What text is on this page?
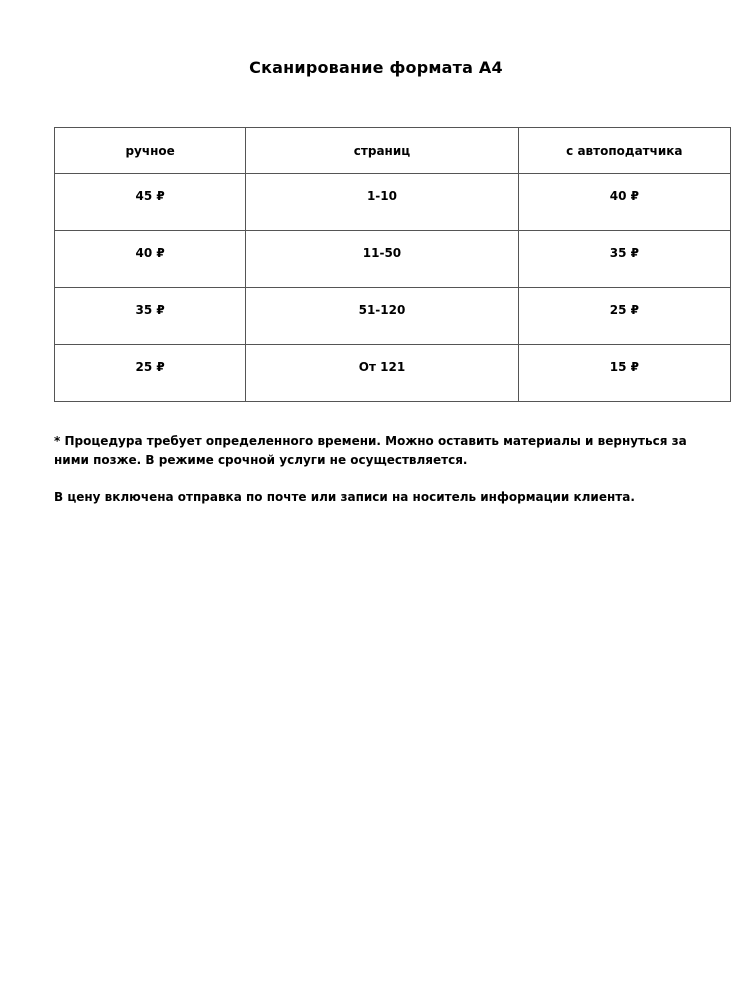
Сканирование формата А4
ручное	страниц	с автоподатчика
45 ₽	1-10	40 ₽
40 ₽	11-50	35 ₽
35 ₽	51-120	25 ₽
25 ₽	От 121	15 ₽

* Процедура требует определенного времени. Можно оставить материалы и вернуться за ними позже. В режиме срочной услуги не осуществляется.

В цену включена отправка по почте или записи на носитель информации клиента.
